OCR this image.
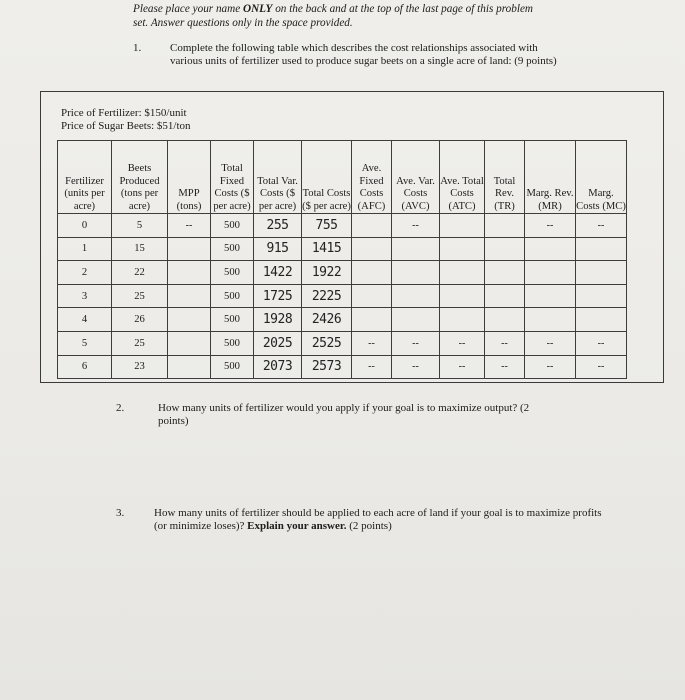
Please place your name ONLY on the back and at the top of the last page of this problem
set. Answer questions only in the space provided.
1.	Complete the following table which describes the cost relationships associated with various units of fertilizer used to produce sugar beets on a single acre of land: (9 points)
Price of Fertilizer: $150/unit
Price of Sugar Beets: $51/ton
Fertilizer (units per acre)	Beets Produced (tons per acre)	MPP (tons)	Total Fixed Costs ($ per acre)	Total Var. Costs ($ per acre)	Total Costs ($ per acre)	Ave. Fixed Costs (AFC)	Ave. Var. Costs (AVC)	Ave. Total Costs (ATC)	Total Rev. (TR)	Marg. Rev. (MR)	Marg. Costs (MC)
0	5	--	500	255	755		--			--	--
1	15		500	915	1415						
2	22		500	1422	1922						
3	25		500	1725	2225						
4	26		500	1928	2426						
5	25		500	2025	2525	--	--	--	--	--	--
6	23		500	2073	2573	--	--	--	--	--	--
2.	How many units of fertilizer would you apply if your goal is to maximize output? (2 points)
3.	How many units of fertilizer should be applied to each acre of land if your goal is to maximize profits (or minimize loses)? Explain your answer. (2 points)
